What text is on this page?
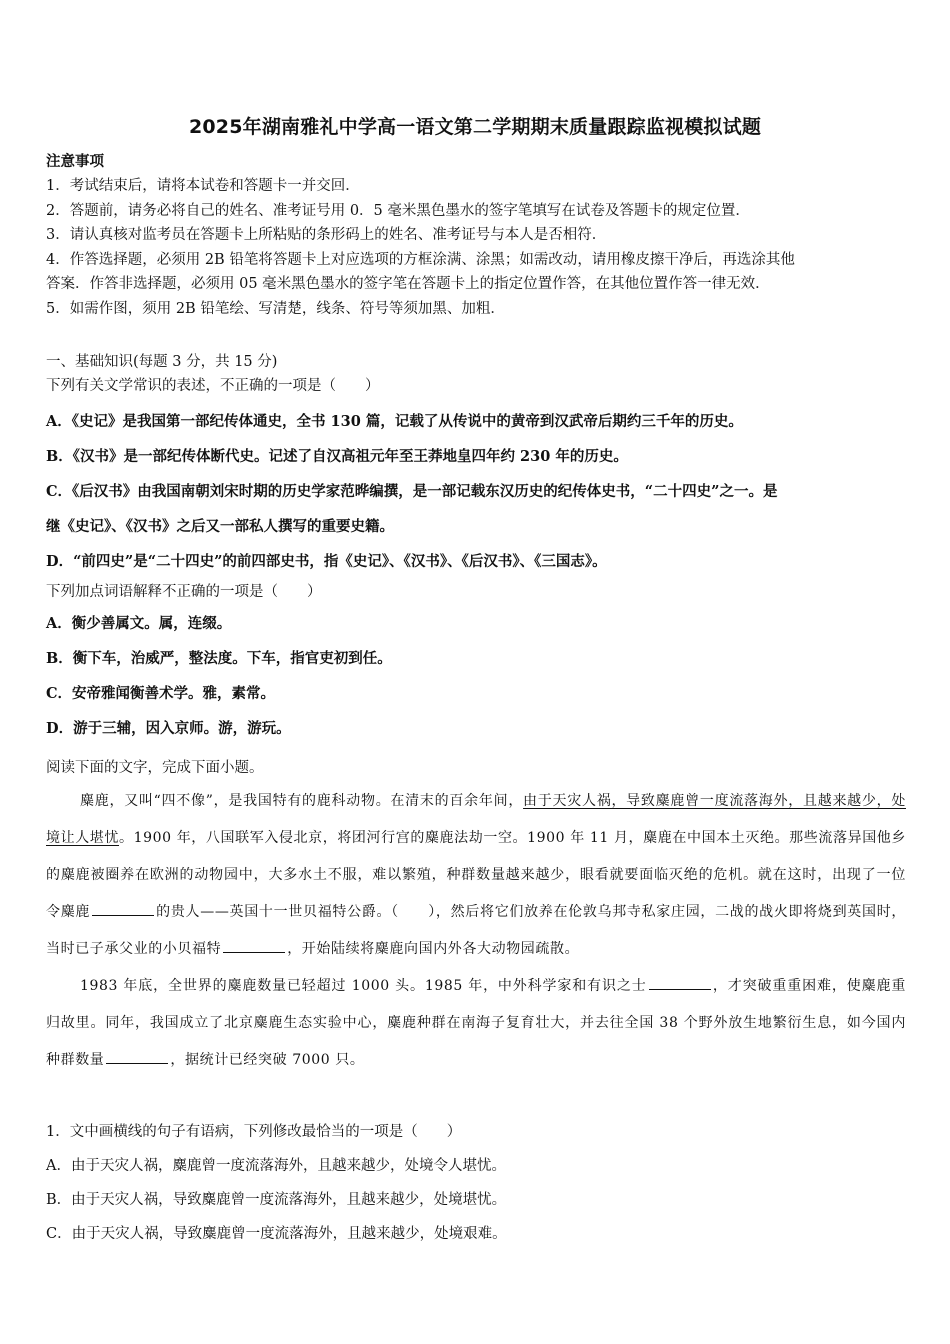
2025年湖南雅礼中学高一语文第二学期期末质量跟踪监视模拟试题
注意事项
1．考试结束后，请将本试卷和答题卡一并交回．
2．答题前，请务必将自己的姓名、准考证号用 0．5 毫米黑色墨水的签字笔填写在试卷及答题卡的规定位置．
3．请认真核对监考员在答题卡上所粘贴的条形码上的姓名、准考证号与本人是否相符．
4．作答选择题，必须用 2B 铅笔将答题卡上对应选项的方框涂满、涂黑；如需改动，请用橡皮擦干净后，再选涂其他
答案．作答非选择题，必须用 05 毫米黑色墨水的签字笔在答题卡上的指定位置作答，在其他位置作答一律无效．
5．如需作图，须用 2B 铅笔绘、写清楚，线条、符号等须加黑、加粗．
一、基础知识(每题 3 分，共 15 分)
下列有关文学常识的表述，不正确的一项是（　　）
A．《史记》是我国第一部纪传体通史，全书 130 篇，记载了从传说中的黄帝到汉武帝后期约三千年的历史。
B．《汉书》是一部纪传体断代史。记述了自汉高祖元年至王莽地皇四年约 230 年的历史。
C．《后汉书》由我国南朝刘宋时期的历史学家范晔编撰，是一部记载东汉历史的纪传体史书，“二十四史”之一。是
继《史记》、《汉书》之后又一部私人撰写的重要史籍。
D．“前四史”是“二十四史”的前四部史书，指《史记》、《汉书》、《后汉书》、《三国志》。
下列加点词语解释不正确的一项是（　　）
A．衡少善属文。属，连缀。
B．衡下车，治威严，整法度。下车，指官吏初到任。
C．安帝雅闻衡善术学。雅，素常。
D．游于三辅，因入京师。游，游玩。
阅读下面的文字，完成下面小题。
麋鹿，又叫“四不像”，是我国特有的鹿科动物。在清末的百余年间，由于天灾人祸，导致麋鹿曾一度流落海外，且越来越少，处境让人堪忧。1900 年，八国联军入侵北京，将团河行宫的麋鹿法劫一空。1900 年 11 月，麋鹿在中国本土灭绝。那些流落异国他乡的麋鹿被圈养在欧洲的动物园中，大多水土不服，难以繁殖，种群数量越来越少，眼看就要面临灭绝的危机。就在这时，出现了一位令麋鹿	的贵人——英国十一世贝福特公爵。（　　），然后将它们放养在伦敦乌邦寺私家庄园，二战的战火即将烧到英国时，当时已子承父业的小贝福特	，开始陆续将麋鹿向国内外各大动物园疏散。
1983 年底，全世界的麋鹿数量已轻超过 1000 头。1985 年，中外科学家和有识之士	，才突破重重困难，使麋鹿重归故里。同年，我国成立了北京麋鹿生态实验中心，麋鹿种群在南海子复育壮大，并去往全国 38 个野外放生地繁衍生息，如今国内种群数量	，据统计已经突破 7000 只。
1．文中画横线的句子有语病，下列修改最恰当的一项是（　　）
A．由于天灾人祸，麋鹿曾一度流落海外，且越来越少，处境令人堪忧。
B．由于天灾人祸，导致麋鹿曾一度流落海外，且越来越少，处境堪忧。
C．由于天灾人祸，导致麋鹿曾一度流落海外，且越来越少，处境艰难。
